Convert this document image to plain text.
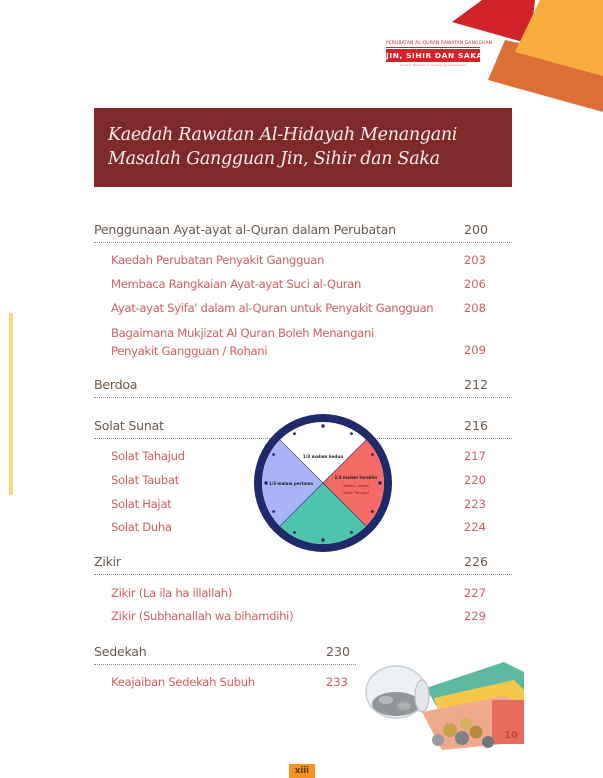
PERUBATAN AL-QURAN RAWATAN GANGGUAN
JIN, SIHIR DAN SAKA
Quranic Medicine in Healing Spiritual Illness
Kaedah Rawatan Al-Hidayah Menangani Masalah Gangguan Jin, Sihir dan Saka
Penggunaan Ayat-ayat al-Quran dalam Perubatan	200
Kaedah Perubatan Penyakit Gangguan	203
Membaca Rangkaian Ayat-ayat Suci al-Quran	206
Ayat-ayat Syifa' dalam al-Quran untuk Penyakit Gangguan	208
Bagaimana Mukjizat Al Quran Boleh Menangani
Penyakit Gangguan / Rohani	209
Berdoa	212
Solat Sunat	216
Solat Tahajud	217
Solat Taubat	220
Solat Hajat	223
Solat Duha	224
Zikir	226
Zikir (La ila ha illallah)	227
Zikir (Subhanallah wa bihamdihi)	229
Sedekah	230
Keajaiban Sedekah Subuh	233
1/3 malam kedua
1/3 malam pertama
1/3 malam terakhir
Waktu utama
Solat Tahajud
10
xiii
